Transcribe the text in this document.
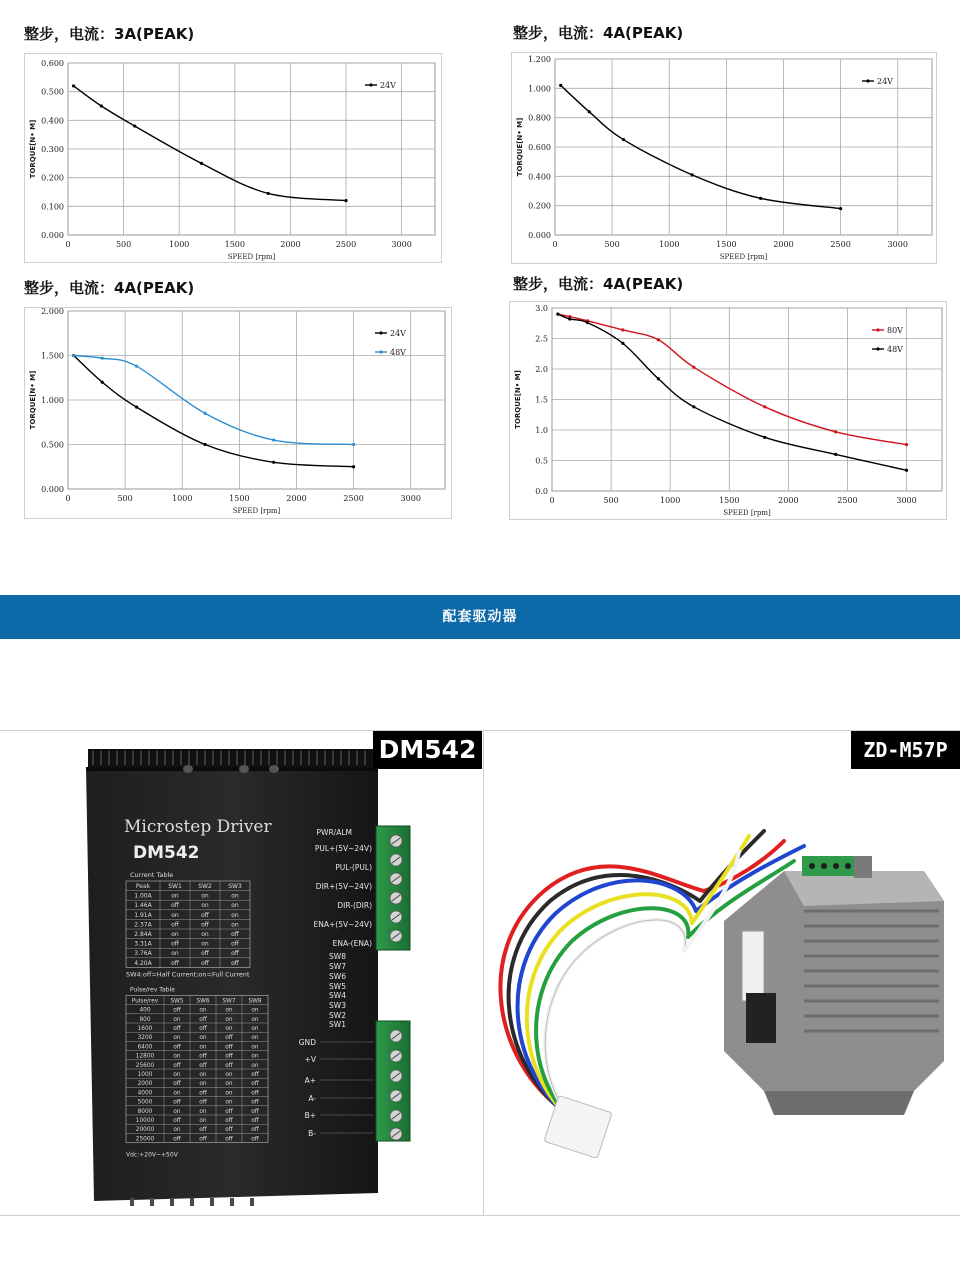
整步，电流：3A(PEAK)	整步，电流：4A(PEAK)
整步，电流：4A(PEAK)	整步，电流：4A(PEAK)
0.000
0.100
0.200
0.300
0.400
0.500
0.600
0	500	1000	1500	2000	2500	3000
SPEED [rpm]
TORQUE[N• M]
24V
0.000
0.200
0.400
0.600
0.800
1.000
1.200
0	500	1000	1500	2000	2500	3000
SPEED [rpm]
TORQUE[N• M]
24V
0.000
0.500
1.000
1.500
2.000
0	500	1000	1500	2000	2500	3000
SPEED [rpm]
TORQUE[N• M]
24V
48V
0.0
0.5
1.0
1.5
2.0
2.5
3.0
0	500	1000	1500	2000	2500	3000
SPEED [rpm]
TORQUE[N• M]
80V
48V
配套驱动器
Microstep Driver
DM542
Current Table
Peak	SW1	SW2	SW3
1.00A	on	on	on
1.46A	off	on	on
1.91A	on	off	on
2.37A	off	off	on
2.84A	on	on	off
3.31A	off	on	off
3.76A	on	off	off
4.20A	off	off	off
SW4:off=Half Current;on=Full Current
Pulse/rev Table
Pulse/rev SW5 SW6 SW7 SW8
400	off	on	on	on
800	on	off	on	on
1600	off	off	on	on
3200	on	on	off	on
6400	off	on	off	on
12800	on	off	off	on
25600	off	off	off	on
1000	on	on	on	off
2000	off	on	on	off
4000	on	off	on	off
5000	off	off	on	off
8000	on	on	off	off
10000	off	on	off	off
20000	on	off	off	off
25000	off	off	off	off
Vdc:+20V~+50V
PWR/ALM
PUL+(5V~24V)
PUL-(PUL)
DIR+(5V~24V)
DIR-(DIR)
ENA+(5V~24V)
ENA-(ENA)
SW8
SW7
SW6
SW5
SW4
SW3
SW2
SW1
GND
+V
A+
A-
B+
B-
DM542	ZD-M57P
